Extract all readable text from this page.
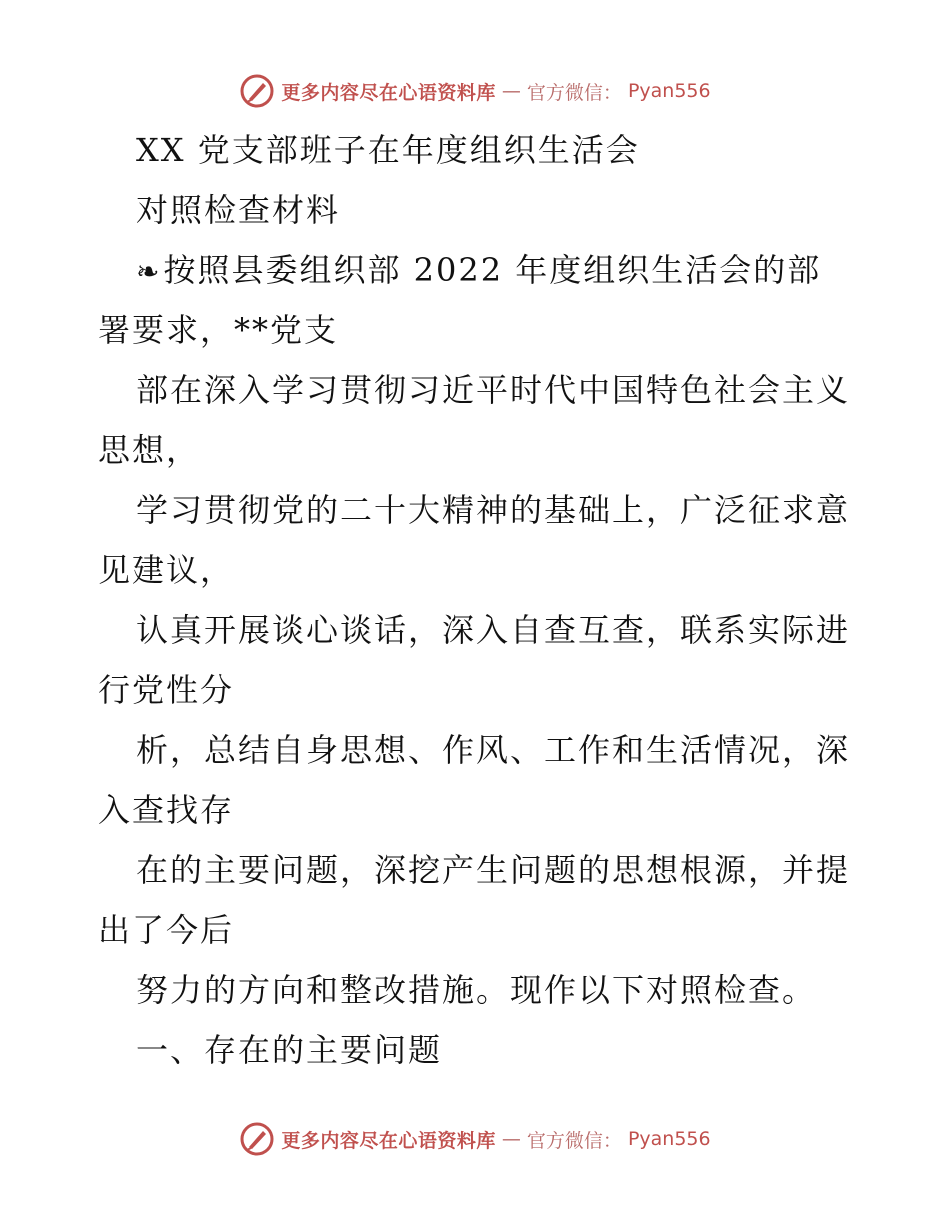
更多内容尽在心语资料库 — 官方微信： Pyan556
XX 党支部班子在年度组织生活会
对照检查材料
❧按照县委组织部 2022 年度组织生活会的部
署要求，**党支
部在深入学习贯彻习近平时代中国特色社会主义
思想，
学习贯彻党的二十大精神的基础上，广泛征求意
见建议，
认真开展谈心谈话，深入自查互查，联系实际进
行党性分
析，总结自身思想、作风、工作和生活情况，深
入查找存
在的主要问题，深挖产生问题的思想根源，并提
出了今后
努力的方向和整改措施。现作以下对照检查。
一、存在的主要问题
更多内容尽在心语资料库 — 官方微信： Pyan556
